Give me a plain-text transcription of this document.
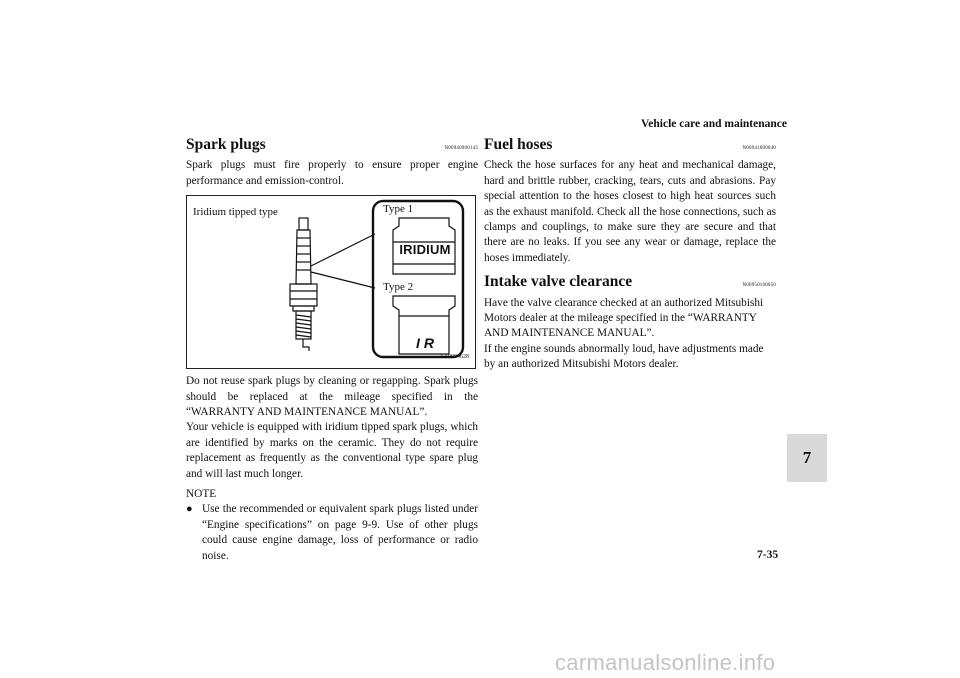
Vehicle care and maintenance
Spark plugs	N00940900143

Spark plugs must fire properly to ensure proper engine performance and emission-control.

Iridium tipped type	Type 1
Type 2
IRIDIUM
I R
AA0004628

Do not reuse spark plugs by cleaning or regapping. Spark plugs should be replaced at the mileage specified in the “WARRANTY AND MAINTENANCE MANUAL”.

Your vehicle is equipped with iridium tipped spark plugs, which are identified by marks on the ceramic. They do not require replacement as frequently as the conventional type spare plug and will last much longer.

NOTE
● Use the recommended or equivalent spark plugs listed under “Engine specifications” on page 9-9. Use of other plugs could cause engine damage, loss of performance or radio noise.
Fuel hoses	N00941000040

Check the hose surfaces for any heat and mechanical damage, hard and brittle rubber, cracking, tears, cuts and abrasions. Pay special attention to the hoses closest to high heat sources such as the exhaust manifold. Check all the hose connections, such as clamps and couplings, to make sure they are secure and that there are no leaks. If you see any wear or damage, replace the hoses immediately.

Intake valve clearance	N00950100050

Have the valve clearance checked at an authorized Mitsubishi Motors dealer at the mileage specified in the “WARRANTY AND MAINTENANCE MANUAL”.

If the engine sounds abnormally loud, have adjustments made by an authorized Mitsubishi Motors dealer.

7
7-35
carmanualsonline.info
